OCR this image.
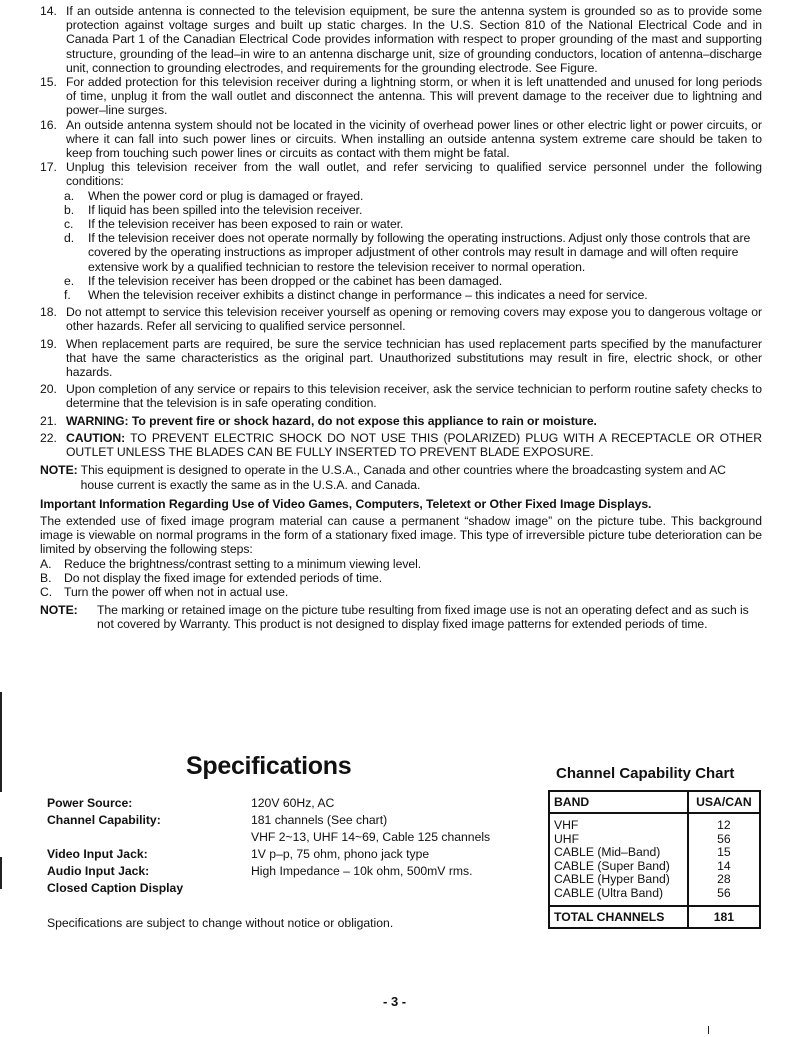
14. If an outside antenna is connected to the television equipment, be sure the antenna system is grounded so as to provide some protection against voltage surges and built up static charges. In the U.S. Section 810 of the National Electrical Code and in Canada Part 1 of the Canadian Electrical Code provides information with respect to proper grounding of the mast and supporting structure, grounding of the lead–in wire to an antenna discharge unit, size of grounding conductors, location of antenna–discharge unit, connection to grounding electrodes, and requirements for the grounding electrode. See Figure.
15. For added protection for this television receiver during a lightning storm, or when it is left unattended and unused for long periods of time, unplug it from the wall outlet and disconnect the antenna. This will prevent damage to the receiver due to lightning and power–line surges.
16. An outside antenna system should not be located in the vicinity of overhead power lines or other electric light or power circuits, or where it can fall into such power lines or circuits. When installing an outside antenna system extreme care should be taken to keep from touching such power lines or circuits as contact with them might be fatal.
17. Unplug this television receiver from the wall outlet, and refer servicing to qualified service personnel under the following conditions:
a.	When the power cord or plug is damaged or frayed.
b.	If liquid has been spilled into the television receiver.
c.	If the television receiver has been exposed to rain or water.
d.	If the television receiver does not operate normally by following the operating instructions. Adjust only those controls that are covered by the operating instructions as improper adjustment of other controls may result in damage and will often require extensive work by a qualified technician to restore the television receiver to normal operation.
e.	If the television receiver has been dropped or the cabinet has been damaged.
f.	When the television receiver exhibits a distinct change in performance – this indicates a need for service.
18. Do not attempt to service this television receiver yourself as opening or removing covers may expose you to dangerous voltage or other hazards. Refer all servicing to qualified service personnel.
19. When replacement parts are required, be sure the service technician has used replacement parts specified by the manufacturer that have the same characteristics as the original part. Unauthorized substitutions may result in fire, electric shock, or other hazards.
20. Upon completion of any service or repairs to this television receiver, ask the service technician to perform routine safety checks to determine that the television is in safe operating condition.
21. WARNING: To prevent fire or shock hazard, do not expose this appliance to rain or moisture.
22. CAUTION: TO PREVENT ELECTRIC SHOCK DO NOT USE THIS (POLARIZED) PLUG WITH A RECEPTACLE OR OTHER OUTLET UNLESS THE BLADES CAN BE FULLY INSERTED TO PREVENT BLADE EXPOSURE.
NOTE: This equipment is designed to operate in the U.S.A., Canada and other countries where the broadcasting system and AC house current is exactly the same as in the U.S.A. and Canada.
Important Information Regarding Use of Video Games, Computers, Teletext or Other Fixed Image Displays.
The extended use of fixed image program material can cause a permanent “shadow image” on the picture tube. This background image is viewable on normal programs in the form of a stationary fixed image. This type of irreversible picture tube deterioration can be limited by observing the following steps:
A.	Reduce the brightness/contrast setting to a minimum viewing level.
B.	Do not display the fixed image for extended periods of time.
C. Turn the power off when not in actual use.
NOTE:	The marking or retained image on the picture tube resulting from fixed image use is not an operating defect and as such is not covered by Warranty. This product is not designed to display fixed image patterns for extended periods of time.
Specifications
Power Source:	120V 60Hz, AC
Channel Capability:	181 channels (See chart)
VHF 2~13, UHF 14~69, Cable 125 channels
Video Input Jack:	1V p–p, 75 ohm, phono jack type
Audio Input Jack:	High Impedance – 10k ohm, 500mV rms.
Closed Caption Display
Specifications are subject to change without notice or obligation.
Channel Capability Chart
BAND	USA/CAN
VHF	12
UHF	56
CABLE (Mid–Band)	15
CABLE (Super Band)	14
CABLE (Hyper Band)	28
CABLE (Ultra Band)	56
TOTAL CHANNELS	181
- 3 -
